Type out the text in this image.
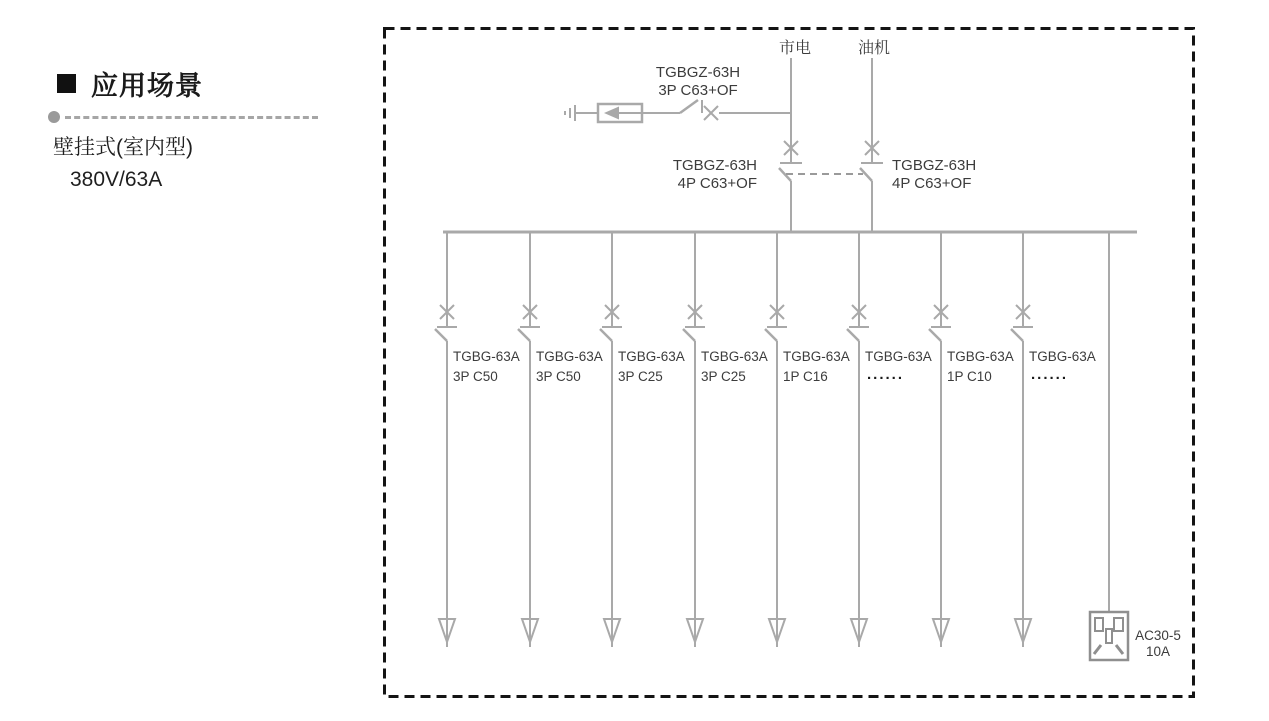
应用场景
壁挂式(室内型)
380V/63A
市电	油机
TGBGZ-63H
3P C63+OF
TGBGZ-63H
4P C63+OF
TGBGZ-63H
4P C63+OF
TGBG-63A
3P C50
TGBG-63A
3P C50
TGBG-63A
3P C25
TGBG-63A
3P C25
TGBG-63A
1P C16
TGBG-63A
......
TGBG-63A
1P C10
TGBG-63A
......
AC30-5
10A
